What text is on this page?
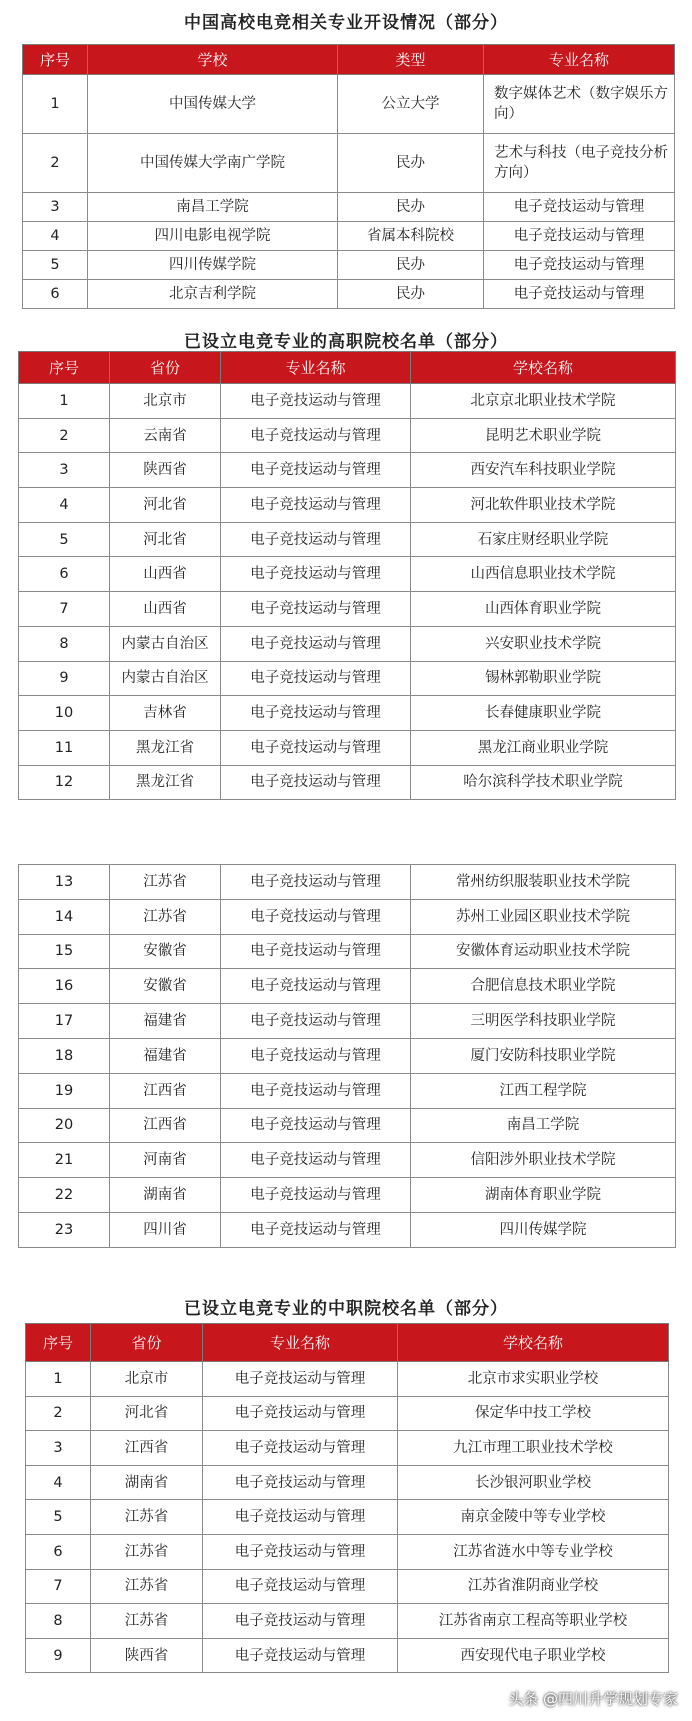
中国高校电竞相关专业开设情况（部分）
序号	学校	类型	专业名称
1	中国传媒大学	公立大学	数字媒体艺术（数字娱乐方向）
2	中国传媒大学南广学院	民办	艺术与科技（电子竞技分析方向）
3	南昌工学院	民办	电子竞技运动与管理
4	四川电影电视学院	省属本科院校	电子竞技运动与管理
5	四川传媒学院	民办	电子竞技运动与管理
6	北京吉利学院	民办	电子竞技运动与管理
已设立电竞专业的高职院校名单（部分）
序号	省份	专业名称	学校名称
1	北京市	电子竞技运动与管理	北京京北职业技术学院
2	云南省	电子竞技运动与管理	昆明艺术职业学院
3	陕西省	电子竞技运动与管理	西安汽车科技职业学院
4	河北省	电子竞技运动与管理	河北软件职业技术学院
5	河北省	电子竞技运动与管理	石家庄财经职业学院
6	山西省	电子竞技运动与管理	山西信息职业技术学院
7	山西省	电子竞技运动与管理	山西体育职业学院
8	内蒙古自治区	电子竞技运动与管理	兴安职业技术学院
9	内蒙古自治区	电子竞技运动与管理	锡林郭勒职业学院
10	吉林省	电子竞技运动与管理	长春健康职业学院
11	黑龙江省	电子竞技运动与管理	黑龙江商业职业学院
12	黑龙江省	电子竞技运动与管理	哈尔滨科学技术职业学院
13	江苏省	电子竞技运动与管理	常州纺织服装职业技术学院
14	江苏省	电子竞技运动与管理	苏州工业园区职业技术学院
15	安徽省	电子竞技运动与管理	安徽体育运动职业技术学院
16	安徽省	电子竞技运动与管理	合肥信息技术职业学院
17	福建省	电子竞技运动与管理	三明医学科技职业学院
18	福建省	电子竞技运动与管理	厦门安防科技职业学院
19	江西省	电子竞技运动与管理	江西工程学院
20	江西省	电子竞技运动与管理	南昌工学院
21	河南省	电子竞技运动与管理	信阳涉外职业技术学院
22	湖南省	电子竞技运动与管理	湖南体育职业学院
23	四川省	电子竞技运动与管理	四川传媒学院
已设立电竞专业的中职院校名单（部分）
序号	省份	专业名称	学校名称
1	北京市	电子竞技运动与管理	北京市求实职业学校
2	河北省	电子竞技运动与管理	保定华中技工学校
3	江西省	电子竞技运动与管理	九江市理工职业技术学校
4	湖南省	电子竞技运动与管理	长沙银河职业学校
5	江苏省	电子竞技运动与管理	南京金陵中等专业学校
6	江苏省	电子竞技运动与管理	江苏省涟水中等专业学校
7	江苏省	电子竞技运动与管理	江苏省淮阴商业学校
8	江苏省	电子竞技运动与管理	江苏省南京工程高等职业学校
9	陕西省	电子竞技运动与管理	西安现代电子职业学校
头条 @四川升学规划专家
